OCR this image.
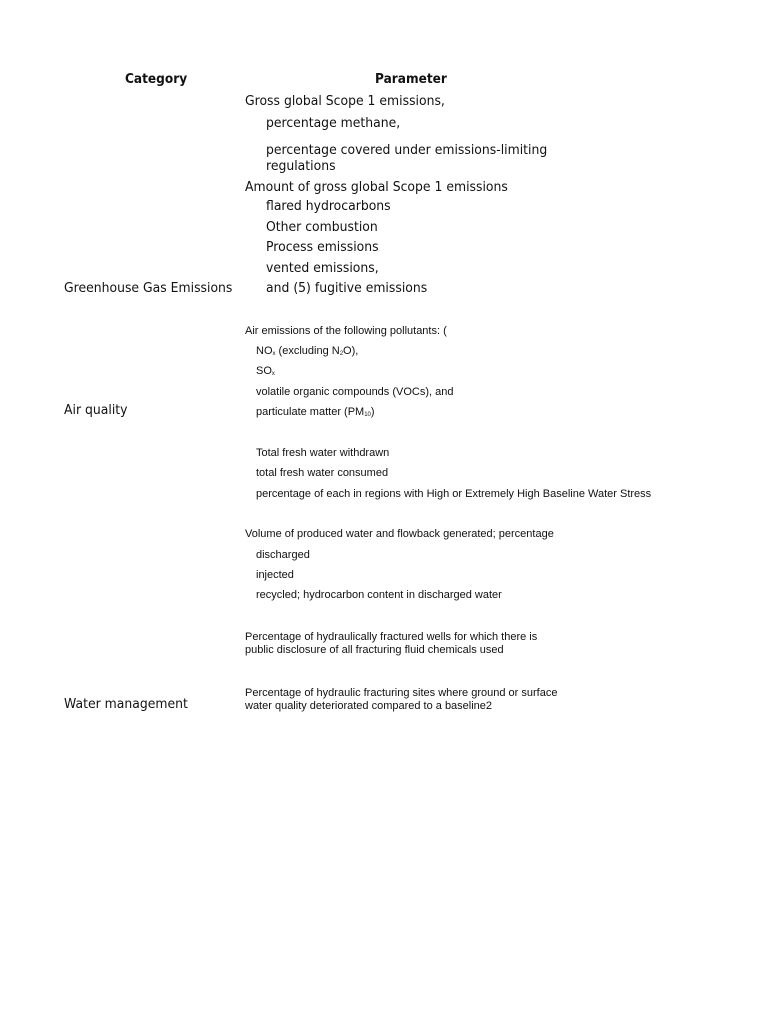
Category	Parameter
Gross global Scope 1 emissions,
percentage methane,
percentage covered under emissions-limiting regulations
Amount of gross global Scope 1 emissions
flared hydrocarbons
Other combustion
Process emissions
vented emissions,
and (5) fugitive emissions
Greenhouse Gas Emissions
Air emissions of the following pollutants: (
$NO_x$ (excluding $N_2O$),
$SO_x$
volatile organic compounds (VOCs), and
particulate matter $(PM_{10})$
Air quality
Total fresh water withdrawn
total fresh water consumed
percentage of each in regions with High or Extremely High Baseline Water Stress
Volume of produced water and flowback generated; percentage
discharged
injected
recycled; hydrocarbon content in discharged water
Percentage of hydraulically fractured wells for which there is public disclosure of all fracturing fluid chemicals used
Percentage of hydraulic fracturing sites where ground or surface water quality deteriorated compared to a baseline2
Water management
